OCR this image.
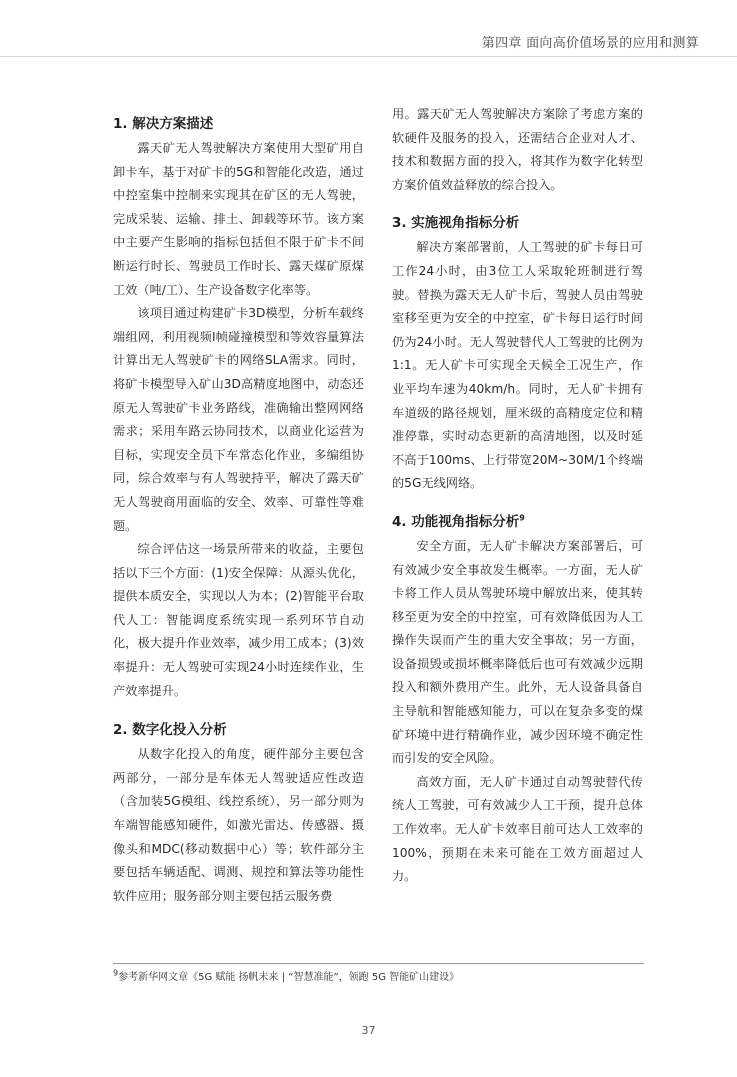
第四章 面向高价值场景的应用和测算
1. 解决方案描述

露天矿无人驾驶解决方案使用大型矿用自卸卡车，基于对矿卡的5G和智能化改造，通过中控室集中控制来实现其在矿区的无人驾驶，完成采装、运输、排土、卸载等环节。该方案中主要产生影响的指标包括但不限于矿卡不间断运行时长、驾驶员工作时长、露天煤矿原煤工效（吨/工）、生产设备数字化率等。

该项目通过构建矿卡3D模型，分析车载终端组网，利用视频I帧碰撞模型和等效容量算法计算出无人驾驶矿卡的网络SLA需求。同时，将矿卡模型导入矿山3D高精度地图中，动态还原无人驾驶矿卡业务路线，准确输出整网网络需求；采用车路云协同技术，以商业化运营为目标，实现安全员下车常态化作业，多编组协同，综合效率与有人驾驶持平，解决了露天矿无人驾驶商用面临的安全、效率、可靠性等难题。

综合评估这一场景所带来的收益，主要包括以下三个方面：(1)安全保障：从源头优化，提供本质安全，实现以人为本；(2)智能平台取代人工：智能调度系统实现一系列环节自动化，极大提升作业效率，减少用工成本；(3)效率提升：无人驾驶可实现24小时连续作业，生产效率提升。

2. 数字化投入分析

从数字化投入的角度，硬件部分主要包含两部分，一部分是车体无人驾驶适应性改造（含加装5G模组、线控系统），另一部分则为车端智能感知硬件，如激光雷达、传感器、摄像头和MDC(移动数据中心）等；软件部分主要包括车辆适配、调测、规控和算法等功能性软件应用；服务部分则主要包括云服务费

用。露天矿无人驾驶解决方案除了考虑方案的软硬件及服务的投入，还需结合企业对人才、技术和数据方面的投入，将其作为数字化转型方案价值效益释放的综合投入。

3. 实施视角指标分析

解决方案部署前，人工驾驶的矿卡每日可工作24小时，由3位工人采取轮班制进行驾驶。替换为露天无人矿卡后，驾驶人员由驾驶室移至更为安全的中控室，矿卡每日运行时间仍为24小时。无人驾驶替代人工驾驶的比例为1:1。无人矿卡可实现全天候全工况生产，作业平均车速为40km/h。同时，无人矿卡拥有车道级的路径规划，厘米级的高精度定位和精准停靠，实时动态更新的高清地图，以及时延不高于100ms、上行带宽20M~30M/1个终端的5G无线网络。

4. 功能视角指标分析$^9$

安全方面，无人矿卡解决方案部署后，可有效减少安全事故发生概率。一方面，无人矿卡将工作人员从驾驶环境中解放出来，使其转移至更为安全的中控室，可有效降低因为人工操作失误而产生的重大安全事故；另一方面，设备损毁或损坏概率降低后也可有效减少远期投入和额外费用产生。此外，无人设备具备自主导航和智能感知能力，可以在复杂多变的煤矿环境中进行精确作业，减少因环境不确定性而引发的安全风险。

高效方面，无人矿卡通过自动驾驶替代传统人工驾驶，可有效减少人工干预，提升总体工作效率。无人矿卡效率目前可达人工效率的100%，预期在未来可能在工效方面超过人力。

$^9$参考新华网文章《5G 赋能 扬帆未来 | “智慧准能”，领跑 5G 智能矿山建设》
37
